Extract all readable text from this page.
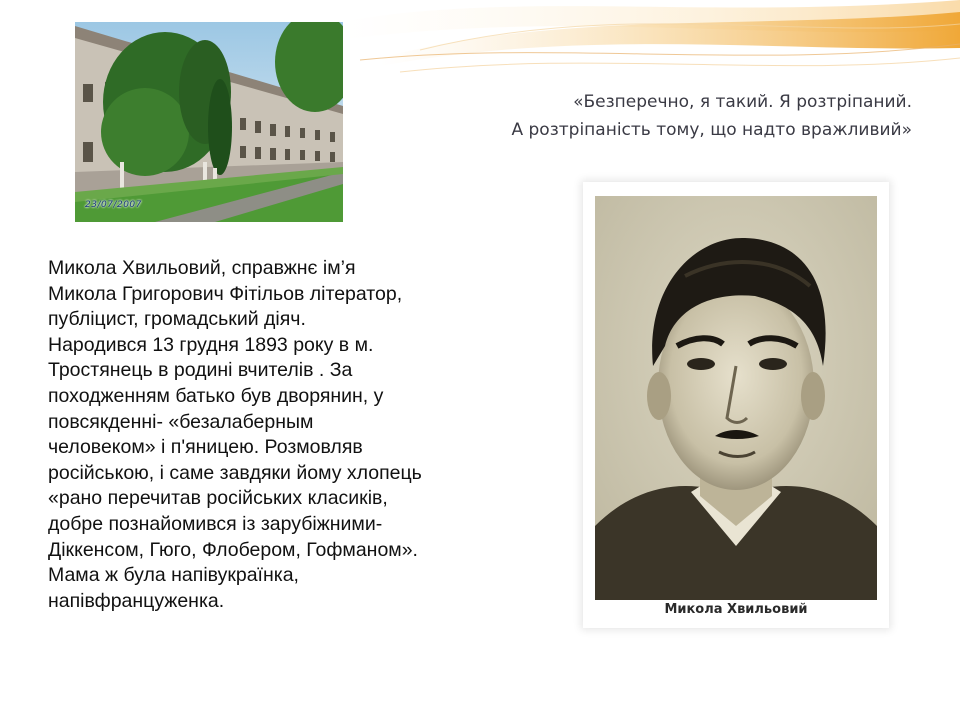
23/07/2007
«Безперечно, я такий. Я розтріпаний.
А розтріпаність тому, що надто вражливий»

Микола Хвильовий, справжнє ім’я
Микола Григорович Фітільов літератор,
публіцист, громадський діяч.
Народився 13 грудня 1893 року в м.
Тростянець в родині вчителів . За
походженням батько був дворянин, у
повсякденні- «безалаберным
человеком» і п'яницею. Розмовляв
російською, і саме завдяки йому хлопець
«рано перечитав російських класиків,
добре познайомився із зарубіжними-
Діккенсом, Гюго, Флобером, Гофманом».
Мама ж була напівукраїнка,
напівфранцуженка.	Микола Хвильовий
